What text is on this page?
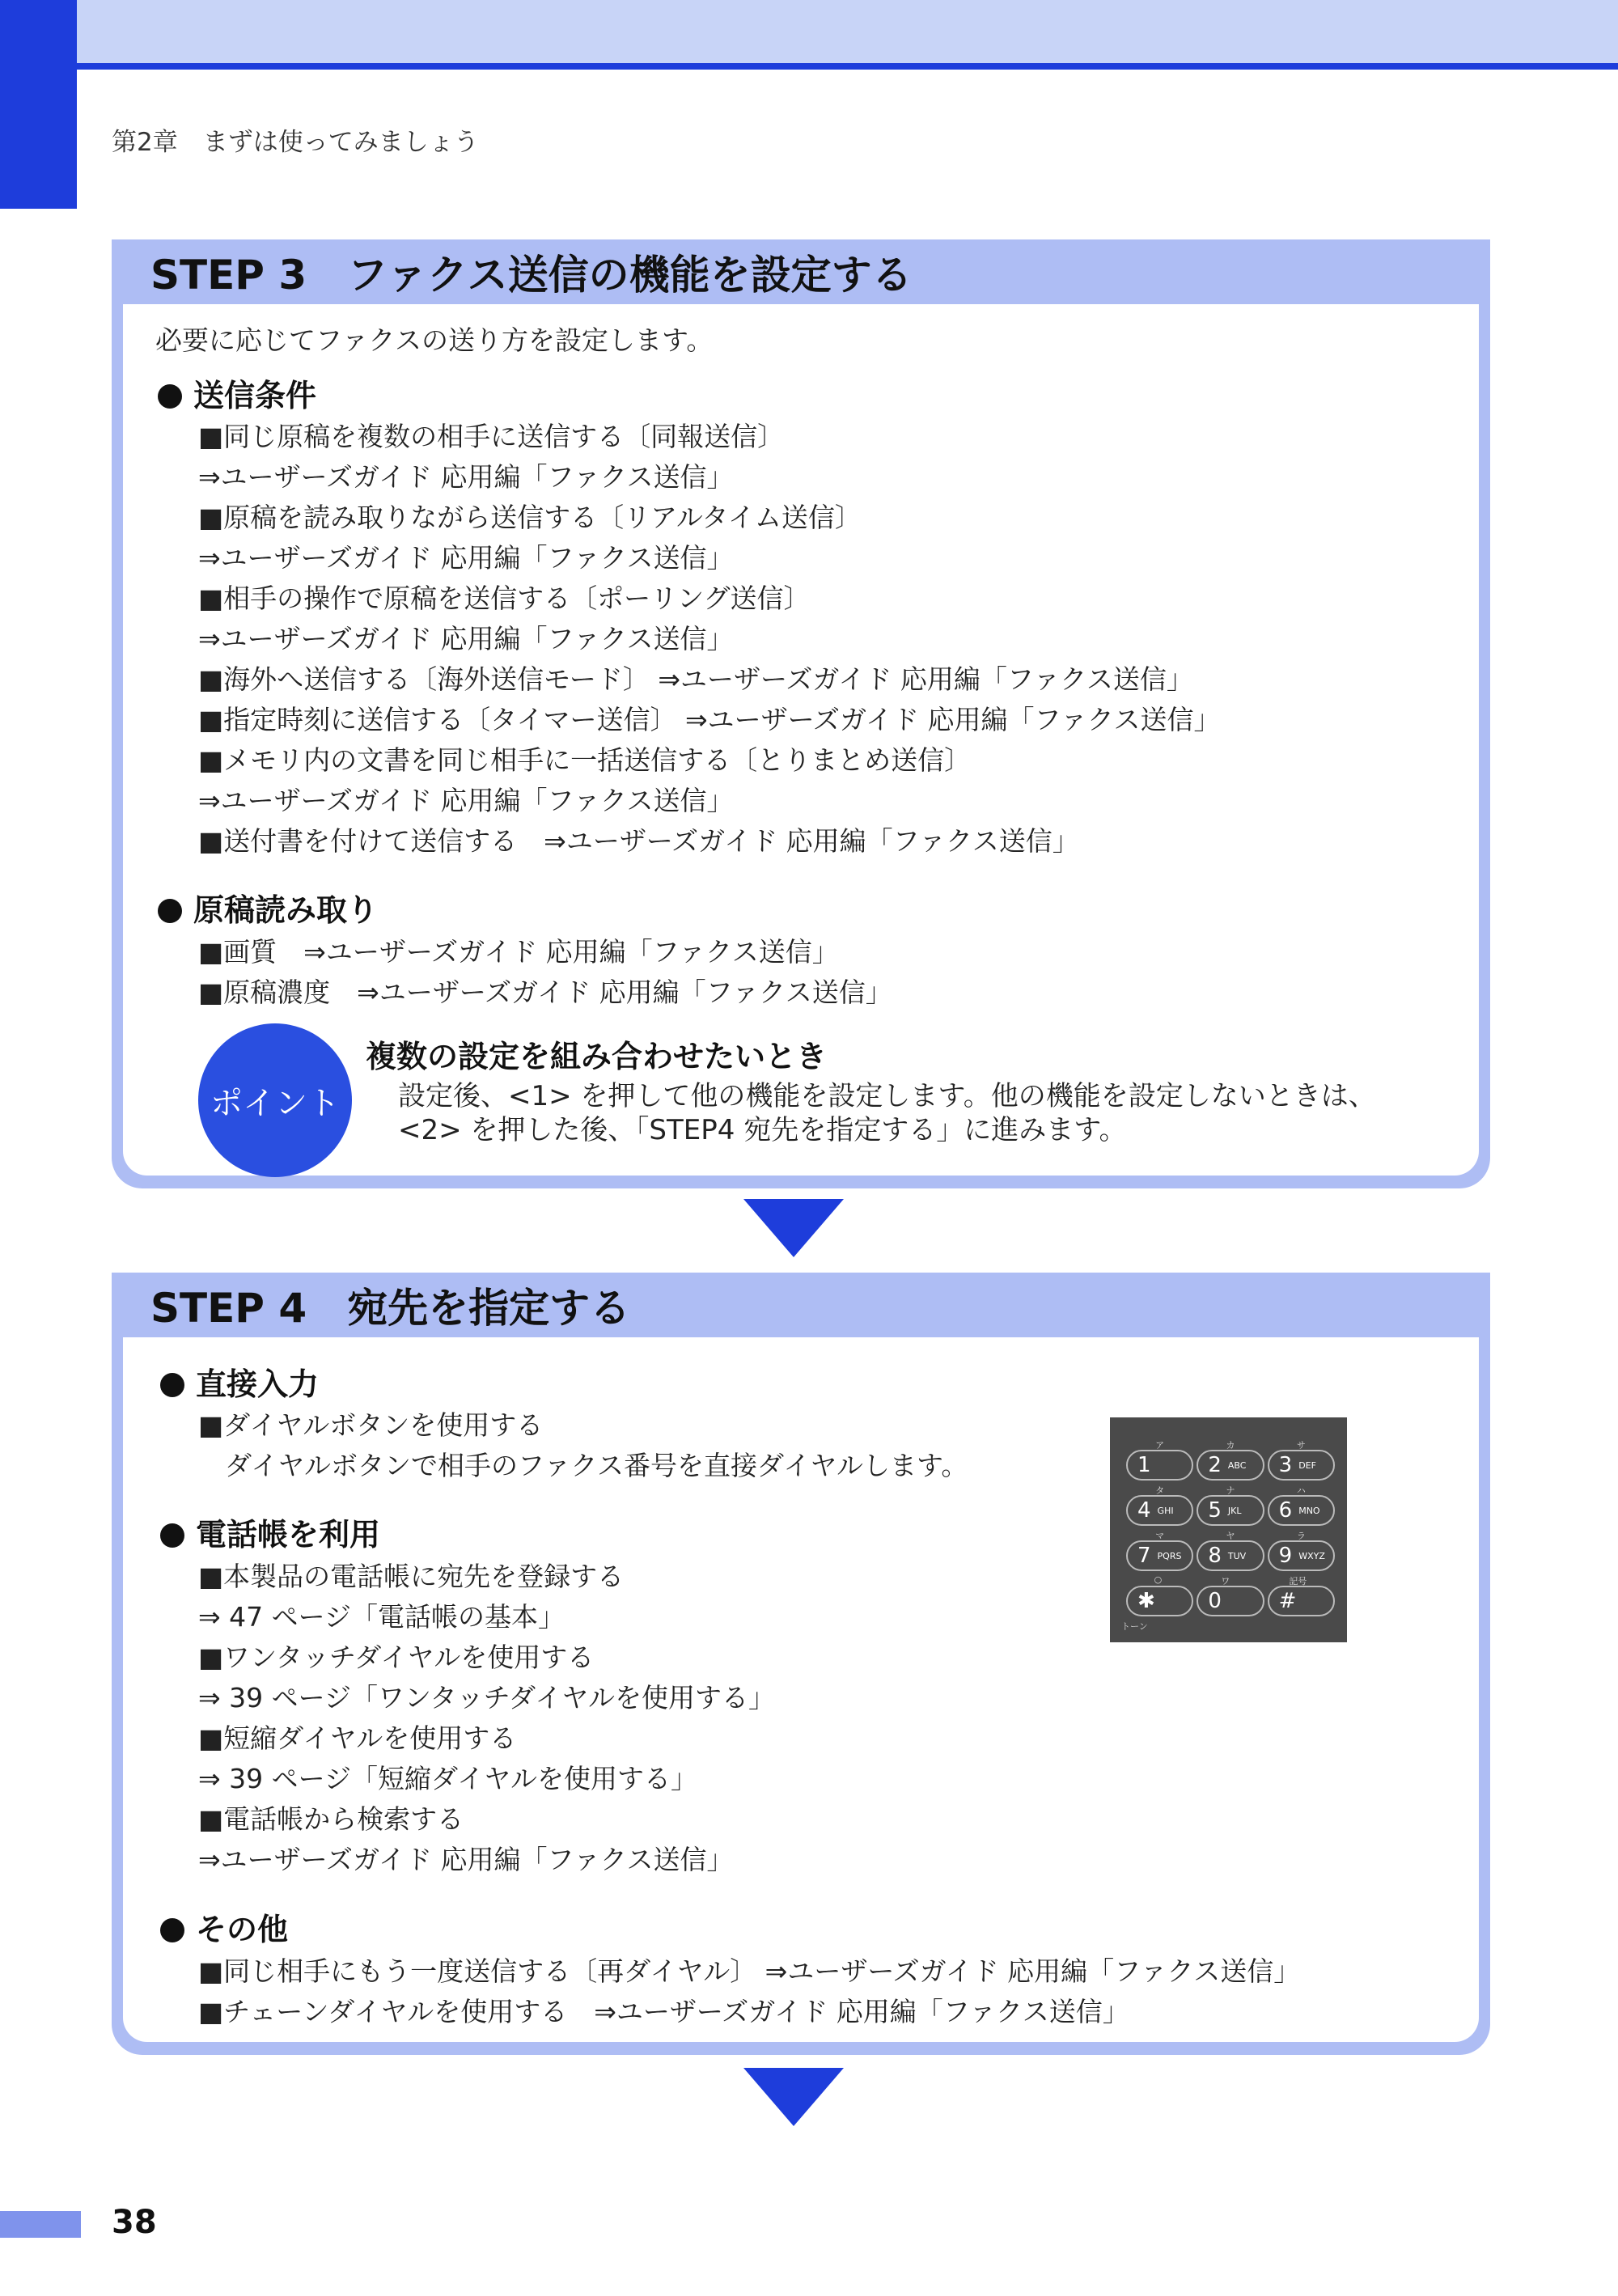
第2章　まずは使ってみましょう
STEP 3　ファクス送信の機能を設定する
必要に応じてファクスの送り方を設定します。
送信条件
■同じ原稿を複数の相手に送信する〔同報送信〕
⇒ユーザーズガイド 応用編「ファクス送信」
■原稿を読み取りながら送信する〔リアルタイム送信〕
⇒ユーザーズガイド 応用編「ファクス送信」
■相手の操作で原稿を送信する〔ポーリング送信〕
⇒ユーザーズガイド 応用編「ファクス送信」
■海外へ送信する〔海外送信モード〕 ⇒ユーザーズガイド 応用編「ファクス送信」
■指定時刻に送信する〔タイマー送信〕 ⇒ユーザーズガイド 応用編「ファクス送信」
■メモリ内の文書を同じ相手に一括送信する〔とりまとめ送信〕
⇒ユーザーズガイド 応用編「ファクス送信」
■送付書を付けて送信する　⇒ユーザーズガイド 応用編「ファクス送信」
原稿読み取り
■画質　⇒ユーザーズガイド 応用編「ファクス送信」
■原稿濃度　⇒ユーザーズガイド 応用編「ファクス送信」
ポイント
複数の設定を組み合わせたいとき
設定後、<1> を押して他の機能を設定します。他の機能を設定しないときは、
<2> を押した後、「STEP4 宛先を指定する」に進みます。
STEP 4　宛先を指定する
直接入力
■ダイヤルボタンを使用する
ダイヤルボタンで相手のファクス番号を直接ダイヤルします。
電話帳を利用
■本製品の電話帳に宛先を登録する
⇒ 47 ページ「電話帳の基本」
■ワンタッチダイヤルを使用する
⇒ 39 ページ「ワンタッチダイヤルを使用する」
■短縮ダイヤルを使用する
⇒ 39 ページ「短縮ダイヤルを使用する」
■電話帳から検索する
⇒ユーザーズガイド 応用編「ファクス送信」
その他
■同じ相手にもう一度送信する〔再ダイヤル〕 ⇒ユーザーズガイド 応用編「ファクス送信」
■チェーンダイヤルを使用する　⇒ユーザーズガイド 応用編「ファクス送信」
ア	カ	サ
1	2 ABC 3 DEF
タ	ナ	ハ
4 GHI 5 JKL 6 MNO
マ	ヤ	ラ
7 PQRS 8 TUV 9 WXYZ
○	ワ	記号
✱	0	#
トーン
38
